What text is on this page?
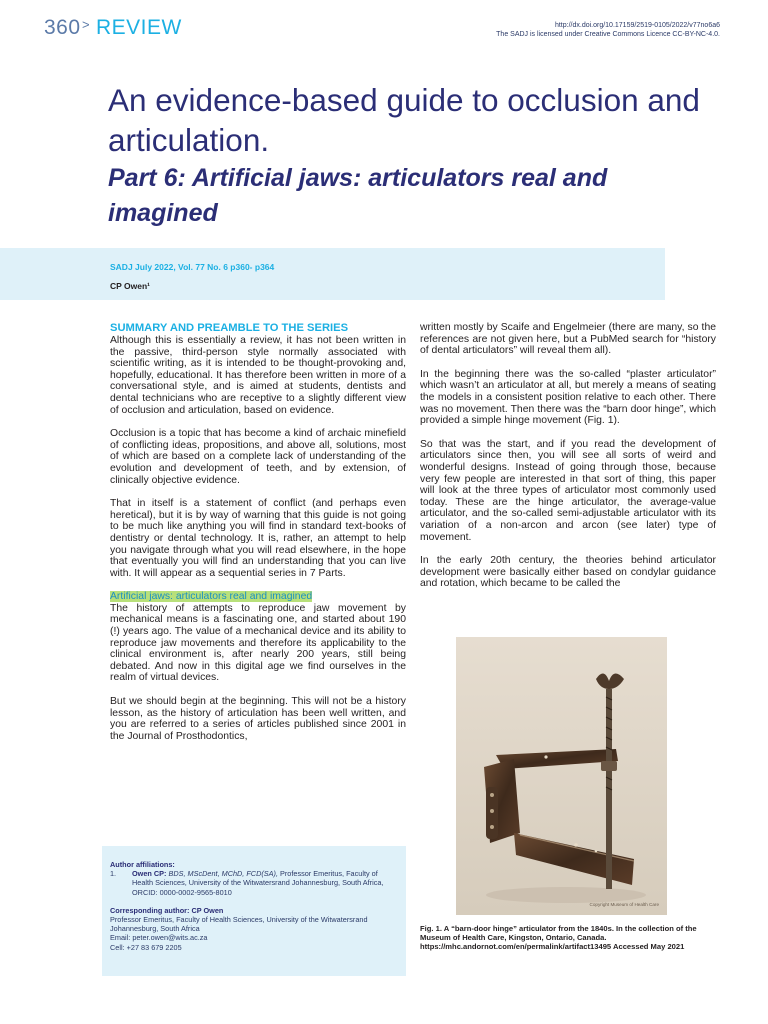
360 > REVIEW	http://dx.doi.org/10.17159/2519-0105/2022/v77no6a6
The SADJ is licensed under Creative Commons Licence CC-BY-NC-4.0.
An evidence-based guide to occlusion and articulation.
Part 6: Artificial jaws: articulators real and imagined
SADJ July 2022, Vol. 77 No. 6 p360- p364
CP Owen¹
SUMMARY AND PREAMBLE TO THE SERIES

Although this is essentially a review, it has not been written in the passive, third-person style normally associated with scientific writing, as it is intended to be thought-provoking and, hopefully, educational. It has therefore been written in more of a conversational style, and is aimed at students, dentists and dental technicians who are receptive to a slightly different view of occlusion and articulation, based on evidence.

Occlusion is a topic that has become a kind of archaic minefield of conflicting ideas, propositions, and above all, solutions, most of which are based on a complete lack of understanding of the evolution and development of teeth, and by extension, of clinically objective evidence.

That in itself is a statement of conflict (and perhaps even heretical), but it is by way of warning that this guide is not going to be much like anything you will find in standard text-books of dentistry or dental technology. It is, rather, an attempt to help you navigate through what you will read elsewhere, in the hope that eventually you will find an understanding that you can live with. It will appear as a sequential series in 7 Parts.

Artificial jaws: articulators real and imagined

The history of attempts to reproduce jaw movement by mechanical means is a fascinating one, and started about 190 (!) years ago. The value of a mechanical device and its ability to reproduce jaw movements and therefore its applicability to the clinical environment is, after nearly 200 years, still being debated. And now in this digital age we find ourselves in the realm of virtual devices.

But we should begin at the beginning. This will not be a history lesson, as the history of articulation has been well written, and you are referred to a series of articles published since 2001 in the Journal of Prosthodontics,

written mostly by Scaife and Engelmeier (there are many, so the references are not given here, but a PubMed search for “history of dental articulators” will reveal them all).

In the beginning there was the so-called “plaster articulator” which wasn’t an articulator at all, but merely a means of seating the models in a consistent position relative to each other. There was no movement. Then there was the “barn door hinge”, which provided a simple hinge movement (Fig. 1).

So that was the start, and if you read the development of articulators since then, you will see all sorts of weird and wonderful designs. Instead of going through those, because very few people are interested in that sort of thing, this paper will look at the three types of articulator most commonly used today. These are the hinge articulator, the average-value articulator, and the so-called semi-adjustable articulator with its variation of a non-arcon and arcon (see later) type of movement.

In the early 20th century, the theories behind articulator development were basically either based on condylar guidance and rotation, which became to be called the

Copyright Museum of Health Care
Fig. 1. A “barn-door hinge” articulator from the 1840s. In the collection of the Museum of Health Care, Kingston, Ontario, Canada. https://mhc.andornot.com/en/permalink/artifact13495 Accessed May 2021
Author affiliations:
1.	Owen CP: BDS, MScDent, MChD, FCD(SA), Professor Emeritus, Faculty of Health Sciences, University of the Witwatersrand Johannesburg, South Africa, ORCID: 0000-0002-9565-8010
Corresponding author: CP Owen
Professor Emeritus, Faculty of Health Sciences, University of the Witwatersrand Johannesburg, South Africa
Email: peter.owen@wits.ac.za
Cell: +27 83 679 2205
